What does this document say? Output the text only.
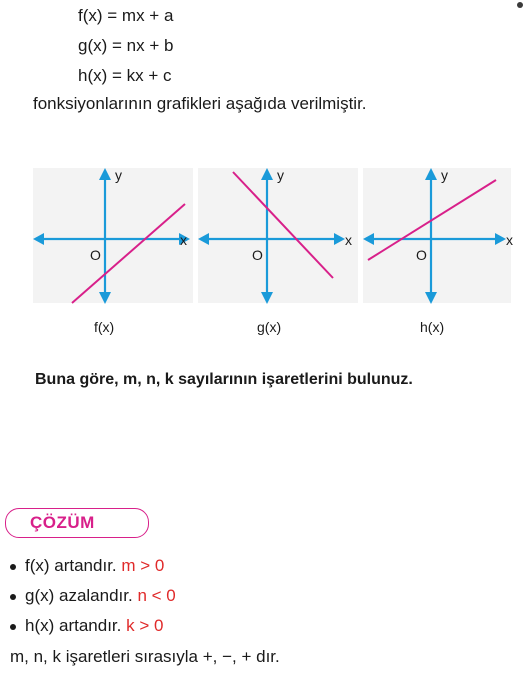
f(x) = mx + a
g(x) = nx + b
h(x) = kx + c
fonksiyonlarının grafikleri aşağıda verilmiştir.
y
x
O
f(x)
y
x
O
g(x)
y
x
O
h(x)
Buna göre, m, n, k sayılarının işaretlerini bulunuz.
ÇÖZÜM
f(x) artandır. m > 0
g(x) azalandır. n < 0
h(x) artandır. k > 0
m, n, k işaretleri sırasıyla +, −, + dır.
